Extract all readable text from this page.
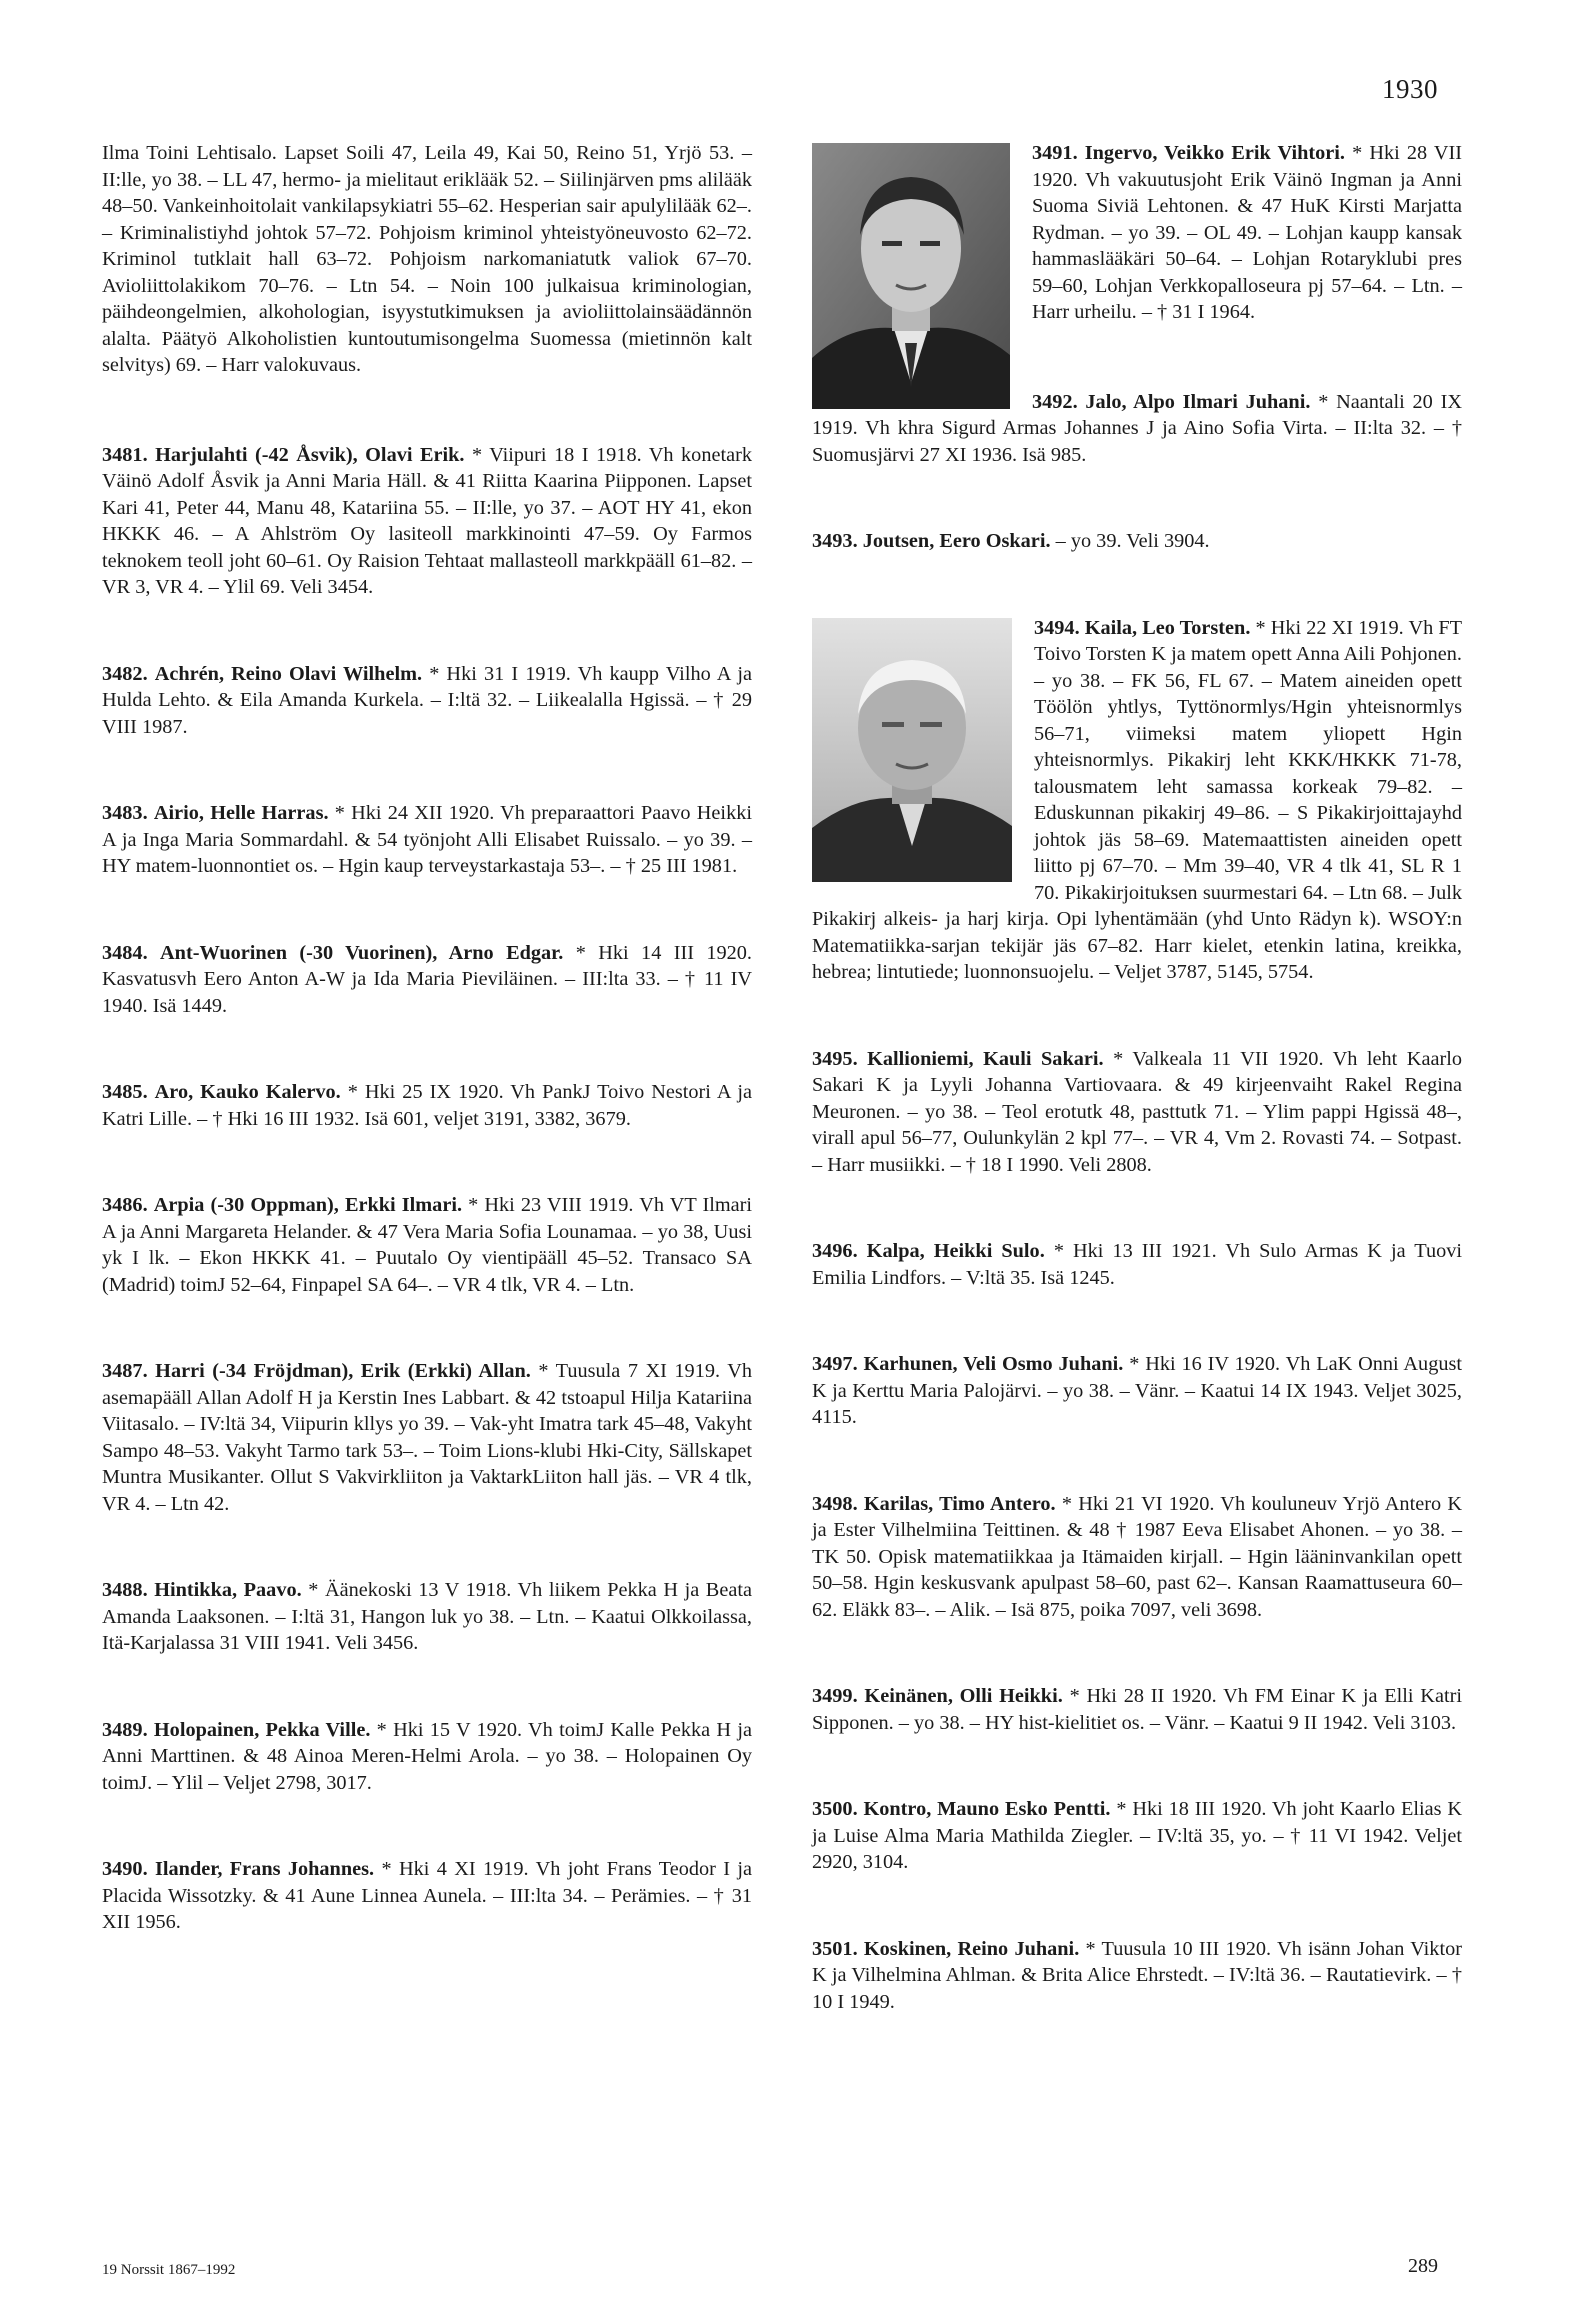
1930

Ilma Toini Lehtisalo. Lapset Soili 47, Leila 49, Kai 50, Reino 51, Yrjö 53. – II:lle, yo 38. – LL 47, hermo- ja mielitaut eriklääk 52. – Siilinjärven pms alilääk 48–50. Vankeinhoitolait vankilapsykiatri 55–62. Hesperian sair apulylilääk 62–. – Kriminalistiyhd johtok 57–72. Pohjoism kriminol yhteistyöneuvosto 62–72. Kriminol tutklait hall 63–72. Pohjoism narkomaniatutk valiok 67–70. Avioliittolakikom 70–76. – Ltn 54. – Noin 100 julkaisua kriminologian, päihdeongelmien, alkohologian, isyystutkimuksen ja avioliittolainsäädännön alalta. Päätyö Alkoholistien kuntoutumisongelma Suomessa (mietinnön kalt selvitys) 69. – Harr valokuvaus.

3481. Harjulahti (-42 Åsvik), Olavi Erik. * Viipuri 18 I 1918. Vh konetark Väinö Adolf Åsvik ja Anni Maria Häll. & 41 Riitta Kaarina Piipponen. Lapset Kari 41, Peter 44, Manu 48, Katariina 55. – II:lle, yo 37. – AOT HY 41, ekon HKKK 46. – A Ahlström Oy lasiteoll markkinointi 47–59. Oy Farmos teknokem teoll joht 60–61. Oy Raision Tehtaat mallasteoll markkpääll 61–82. – VR 3, VR 4. – Ylil 69. Veli 3454.

3482. Achrén, Reino Olavi Wilhelm. * Hki 31 I 1919. Vh kaupp Vilho A ja Hulda Lehto. & Eila Amanda Kurkela. – I:ltä 32. – Liikealalla Hgissä. – † 29 VIII 1987.

3483. Airio, Helle Harras. * Hki 24 XII 1920. Vh preparaattori Paavo Heikki A ja Inga Maria Sommardahl. & 54 työnjoht Alli Elisabet Ruissalo. – yo 39. – HY matem-luonnontiet os. – Hgin kaup terveystarkastaja 53–. – † 25 III 1981.

3484. Ant-Wuorinen (-30 Vuorinen), Arno Edgar. * Hki 14 III 1920. Kasvatusvh Eero Anton A-W ja Ida Maria Pieviläinen. – III:lta 33. – † 11 IV 1940. Isä 1449.

3485. Aro, Kauko Kalervo. * Hki 25 IX 1920. Vh PankJ Toivo Nestori A ja Katri Lille. – † Hki 16 III 1932. Isä 601, veljet 3191, 3382, 3679.

3486. Arpia (-30 Oppman), Erkki Ilmari. * Hki 23 VIII 1919. Vh VT Ilmari A ja Anni Margareta Helander. & 47 Vera Maria Sofia Lounamaa. – yo 38, Uusi yk I lk. – Ekon HKKK 41. – Puutalo Oy vientipääll 45–52. Transaco SA (Madrid) toimJ 52–64, Finpapel SA 64–. – VR 4 tlk, VR 4. – Ltn.

3487. Harri (-34 Fröjdman), Erik (Erkki) Allan. * Tuusula 7 XI 1919. Vh asemapääll Allan Adolf H ja Kerstin Ines Labbart. & 42 tstoapul Hilja Katariina Viitasalo. – IV:ltä 34, Viipurin kllys yo 39. – Vak-yht Imatra tark 45–48, Vakyht Sampo 48–53. Vakyht Tarmo tark 53–. – Toim Lions-klubi Hki-City, Sällskapet Muntra Musikanter. Ollut S Vakvirkliiton ja VaktarkLiiton hall jäs. – VR 4 tlk, VR 4. – Ltn 42.

3488. Hintikka, Paavo. * Äänekoski 13 V 1918. Vh liikem Pekka H ja Beata Amanda Laaksonen. – I:ltä 31, Hangon luk yo 38. – Ltn. – Kaatui Olkkoilassa, Itä-Karjalassa 31 VIII 1941. Veli 3456.

3489. Holopainen, Pekka Ville. * Hki 15 V 1920. Vh toimJ Kalle Pekka H ja Anni Marttinen. & 48 Ainoa Meren-Helmi Arola. – yo 38. – Holopainen Oy toimJ. – Ylil – Veljet 2798, 3017.

3490. Ilander, Frans Johannes. * Hki 4 XI 1919. Vh joht Frans Teodor I ja Placida Wissotzky. & 41 Aune Linnea Aunela. – III:lta 34. – Perämies. – † 31 XII 1956.

3491. Ingervo, Veikko Erik Vihtori. * Hki 28 VII 1920. Vh vakuutusjoht Erik Väinö Ingman ja Anni Suoma Siviä Lehtonen. & 47 HuK Kirsti Marjatta Rydman. – yo 39. – OL 49. – Lohjan kaupp kansak hammaslääkäri 50–64. – Lohjan Rotaryklubi pres 59–60, Lohjan Verkkopalloseura pj 57–64. – Ltn. – Harr urheilu. – † 31 I 1964.

3492. Jalo, Alpo Ilmari Juhani. * Naantali 20 IX 1919. Vh khra Sigurd Armas Johannes J ja Aino Sofia Virta. – II:lta 32. – † Suomusjärvi 27 XI 1936. Isä 985.

3493. Joutsen, Eero Oskari. – yo 39. Veli 3904.

3494. Kaila, Leo Torsten. * Hki 22 XI 1919. Vh FT Toivo Torsten K ja matem opett Anna Aili Pohjonen. – yo 38. – FK 56, FL 67. – Matem aineiden opett Töölön yhtlys, Tyttönormlys/Hgin yhteisnormlys 56–71, viimeksi matem yliopett Hgin yhteisnormlys. Pikakirj leht KKK/HKKK 71-78, talousmatem leht samassa korkeak 79–82. – Eduskunnan pikakirj 49–86. – S Pikakirjoittajayhd johtok jäs 58–69. Matemaattisten aineiden opett liitto pj 67–70. – Mm 39–40, VR 4 tlk 41, SL R 1 70. Pikakirjoituksen suurmestari 64. – Ltn 68. – Julk Pikakirj alkeis- ja harj kirja. Opi lyhentämään (yhd Unto Rädyn k). WSOY:n Matematiikka-sarjan tekijär jäs 67–82. Harr kielet, etenkin latina, kreikka, hebrea; lintutiede; luonnonsuojelu. – Veljet 3787, 5145, 5754.

3495. Kallioniemi, Kauli Sakari. * Valkeala 11 VII 1920. Vh leht Kaarlo Sakari K ja Lyyli Johanna Vartiovaara. & 49 kirjeenvaiht Rakel Regina Meuronen. – yo 38. – Teol erotutk 48, pasttutk 71. – Ylim pappi Hgissä 48–, virall apul 56–77, Oulunkylän 2 kpl 77–. – VR 4, Vm 2. Rovasti 74. – Sotpast. – Harr musiikki. – † 18 I 1990. Veli 2808.

3496. Kalpa, Heikki Sulo. * Hki 13 III 1921. Vh Sulo Armas K ja Tuovi Emilia Lindfors. – V:ltä 35. Isä 1245.

3497. Karhunen, Veli Osmo Juhani. * Hki 16 IV 1920. Vh LaK Onni August K ja Kerttu Maria Palojärvi. – yo 38. – Vänr. – Kaatui 14 IX 1943. Veljet 3025, 4115.

3498. Karilas, Timo Antero. * Hki 21 VI 1920. Vh kouluneuv Yrjö Antero K ja Ester Vilhelmiina Teittinen. & 48 † 1987 Eeva Elisabet Ahonen. – yo 38. – TK 50. Opisk matematiikkaa ja Itämaiden kirjall. – Hgin lääninvankilan opett 50–58. Hgin keskusvank apulpast 58–60, past 62–. Kansan Raamattuseura 60–62. Eläkk 83–. – Alik. – Isä 875, poika 7097, veli 3698.

3499. Keinänen, Olli Heikki. * Hki 28 II 1920. Vh FM Einar K ja Elli Katri Sipponen. – yo 38. – HY hist-kielitiet os. – Vänr. – Kaatui 9 II 1942. Veli 3103.

3500. Kontro, Mauno Esko Pentti. * Hki 18 III 1920. Vh joht Kaarlo Elias K ja Luise Alma Maria Mathilda Ziegler. – IV:ltä 35, yo. – † 11 VI 1942. Veljet 2920, 3104.

3501. Koskinen, Reino Juhani. * Tuusula 10 III 1920. Vh isänn Johan Viktor K ja Vilhelmina Ahlman. & Brita Alice Ehrstedt. – IV:ltä 36. – Rautatievirk. – † 10 I 1949.

19 Norssit 1867–1992	289
